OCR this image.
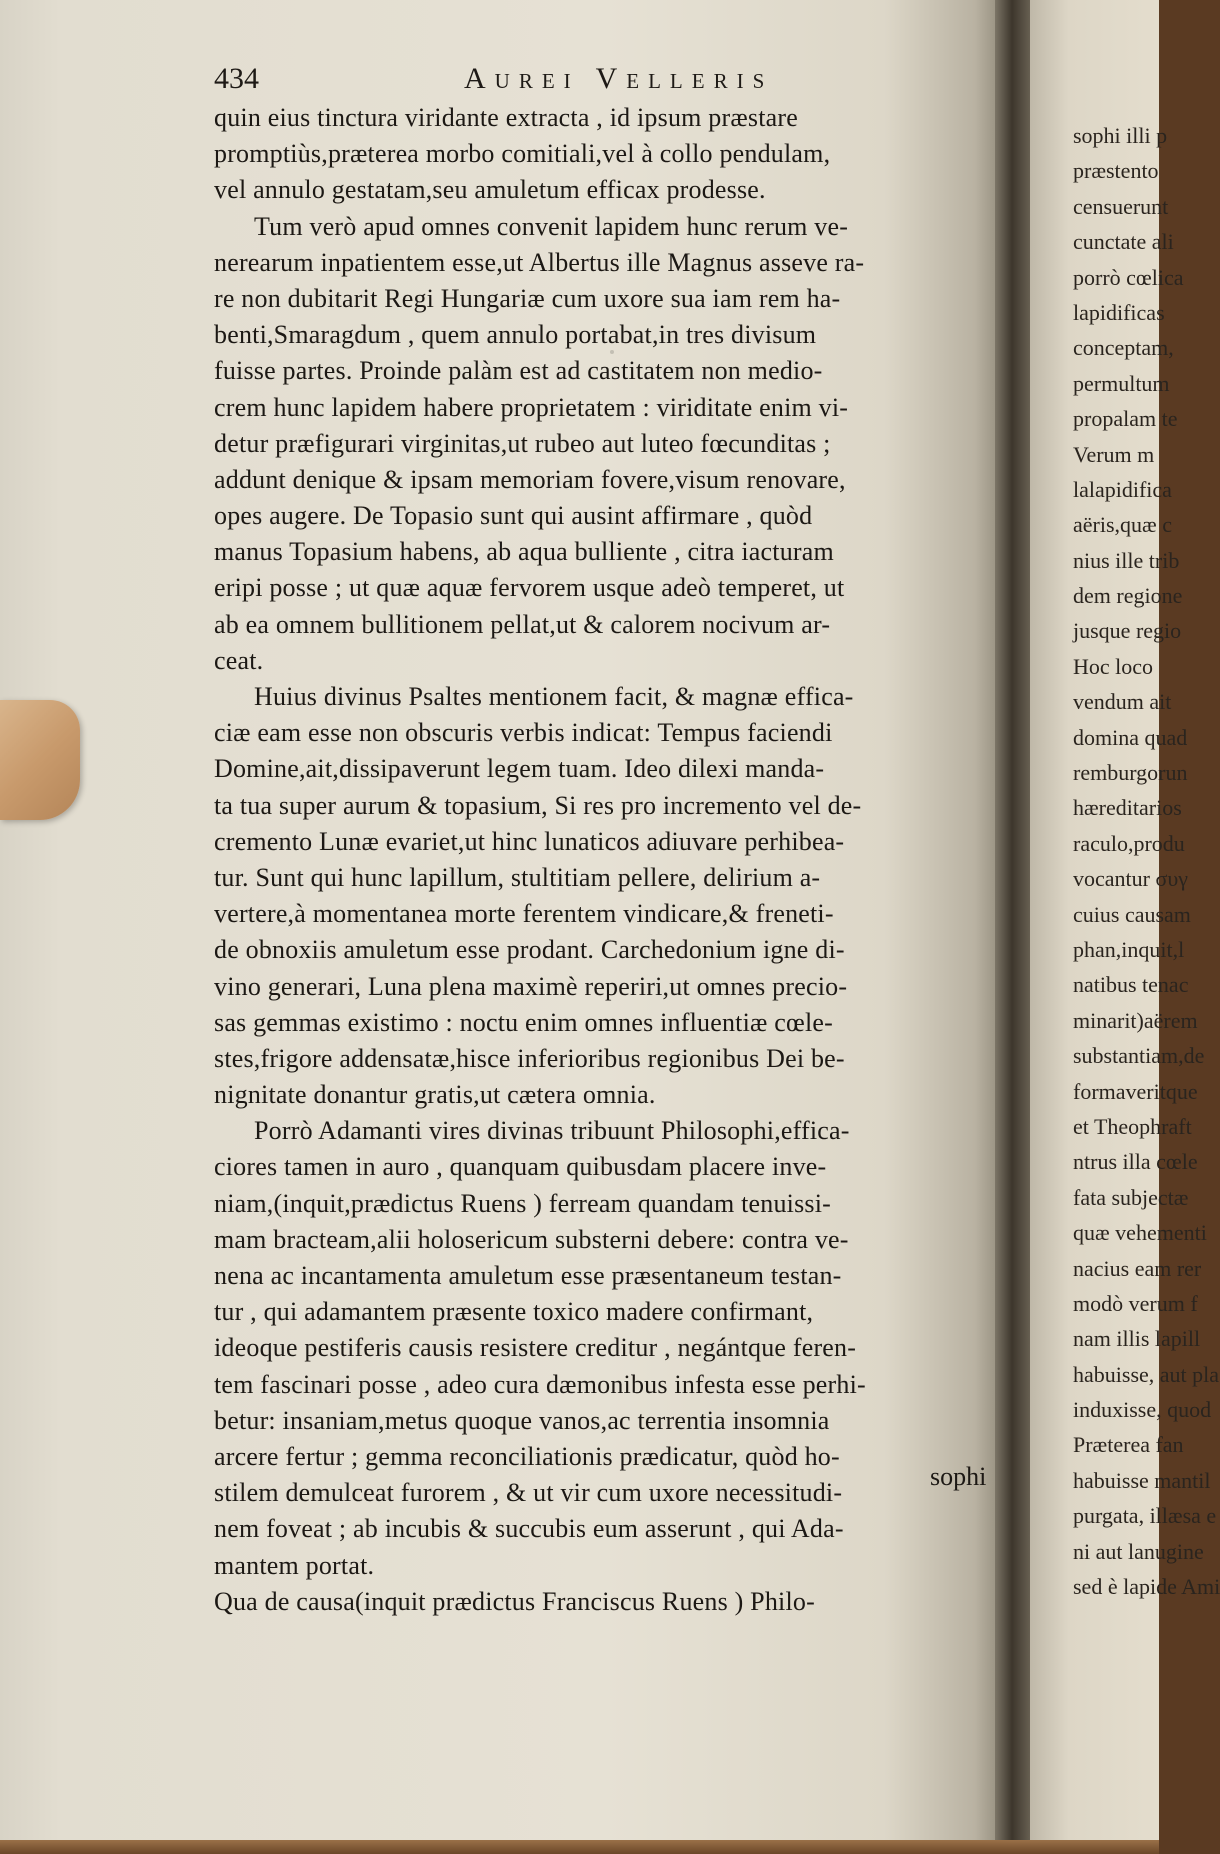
434	Aurei Velleris
quin eius tinctura viridante extracta , id ipsum præstare
promptiùs,præterea morbo comitiali,vel à collo pendulam,
vel annulo gestatam,seu amuletum efficax prodesse.
Tum verò apud omnes convenit lapidem hunc rerum ve-
nerearum inpatientem esse,ut Albertus ille Magnus asseve ra-
re non dubitarit Regi Hungariæ cum uxore sua iam rem ha-
benti,Smaragdum , quem annulo portabat,in tres divisum
fuisse partes. Proinde palàm est ad castitatem non medio-
crem hunc lapidem habere proprietatem : viriditate enim vi-
detur præfigurari virginitas,ut rubeo aut luteo fœcunditas ;
addunt denique & ipsam memoriam fovere,visum renovare,
opes augere. De Topasio sunt qui ausint affirmare , quòd
manus Topasium habens, ab aqua bulliente , citra iacturam
eripi posse ; ut quæ aquæ fervorem usque adeò temperet, ut
ab ea omnem bullitionem pellat,ut & calorem nocivum ar-
ceat.
Huius divinus Psaltes mentionem facit, & magnæ effica-
ciæ eam esse non obscuris verbis indicat: Tempus faciendi
Domine,ait,dissipaverunt legem tuam. Ideo dilexi manda-
ta tua super aurum & topasium, Si res pro incremento vel de-
cremento Lunæ evariet,ut hinc lunaticos adiuvare perhibea-
tur. Sunt qui hunc lapillum, stultitiam pellere, delirium a-
vertere,à momentanea morte ferentem vindicare,& freneti-
de obnoxiis amuletum esse prodant. Carchedonium igne di-
vino generari, Luna plena maximè reperiri,ut omnes precio-
sas gemmas existimo : noctu enim omnes influentiæ cœle-
stes,frigore addensatæ,hisce inferioribus regionibus Dei be-
nignitate donantur gratis,ut cætera omnia.
Porrò Adamanti vires divinas tribuunt Philosophi,effica-
ciores tamen in auro , quanquam quibusdam placere inve-
niam,(inquit,prædictus Ruens ) ferream quandam tenuissi-
mam bracteam,alii holosericum substerni debere: contra ve-
nena ac incantamenta amuletum esse præsentaneum testan-
tur , qui adamantem præsente toxico madere confirmant,
ideoque pestiferis causis resistere creditur , negántque feren-
tem fascinari posse , adeo cura dæmonibus infesta esse perhi-
betur: insaniam,metus quoque vanos,ac terrentia insomnia
arcere fertur ; gemma reconciliationis prædicatur, quòd ho-
stilem demulceat furorem , & ut vir cum uxore necessitudi-
nem foveat ; ab incubis & succubis eum asserunt , qui Ada-
mantem portat.
Qua de causa(inquit prædictus Franciscus Ruens ) Philo-
sophi
sophi illi p
præstento
censuerunt
cunctate ali
porrò cœlica
lapidificas
conceptam,
permultum
propalam te
Verum m
lalapidifica
aëris,quæ c
nius ille trib
dem regione
jusque regio
Hoc loco
vendum ait
domina quad
remburgorun
hæreditarios
raculo,produ
vocantur συγ
cuius causam
phan,inquit,l
natibus tenac
minarit)aërem
substantiam,de
formaveritque
et Theophraft
ntrus illa cœle
fata subjectæ
quæ vehementi
nacius eam rer
modò verum f
nam illis lapill
habuisse, aut pla
induxisse, quod
Præterea fan
habuisse mantil
purgata, illæsa e
ni aut lanugine
sed è lapide Ami
